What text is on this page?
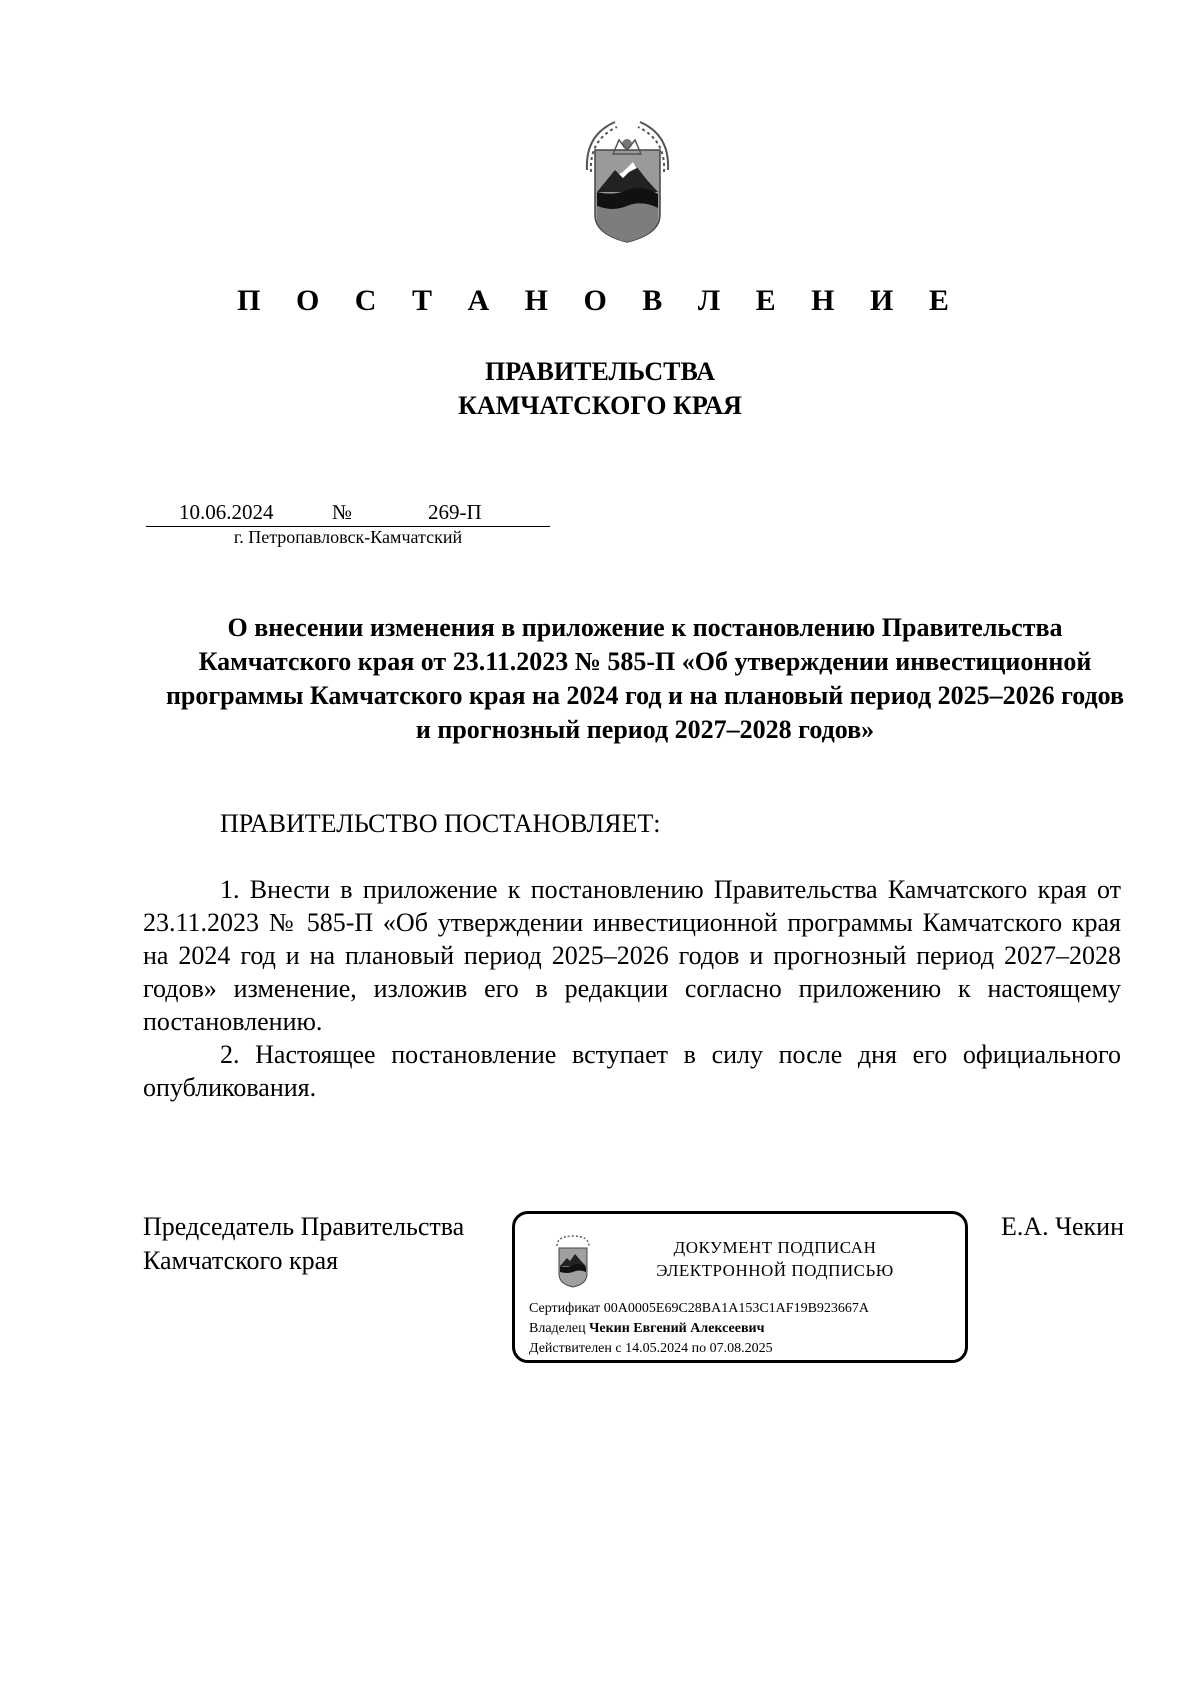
П О С Т А Н О В Л Е Н И Е
ПРАВИТЕЛЬСТВА
КАМЧАТСКОГО КРАЯ
10.06.2024	№	269-П
г. Петропавловск-Камчатский
О внесении изменения в приложение к постановлению Правительства Камчатского края от 23.11.2023 № 585-П «Об утверждении инвестиционной программы Камчатского края на 2024 год и на плановый период 2025–2026 годов и прогнозный период 2027–2028 годов»
ПРАВИТЕЛЬСТВО ПОСТАНОВЛЯЕТ:

1. Внести в приложение к постановлению Правительства Камчатского края от 23.11.2023 № 585-П «Об утверждении инвестиционной программы Камчатского края на 2024 год и на плановый период 2025–2026 годов и прогнозный период 2027–2028 годов» изменение, изложив его в редакции согласно приложению к настоящему постановлению.

2. Настоящее постановление вступает в силу после дня его официального опубликования.

Председатель Правительства
Камчатского края	ДОКУМЕНТ ПОДПИСАН
ЭЛЕКТРОННОЙ ПОДПИСЬЮ
Сертификат 00A0005E69C28BA1A153C1AF19B923667A
Владелец Чекин Евгений Алексеевич
Действителен с 14.05.2024 по 07.08.2025
Е.А. Чекин
